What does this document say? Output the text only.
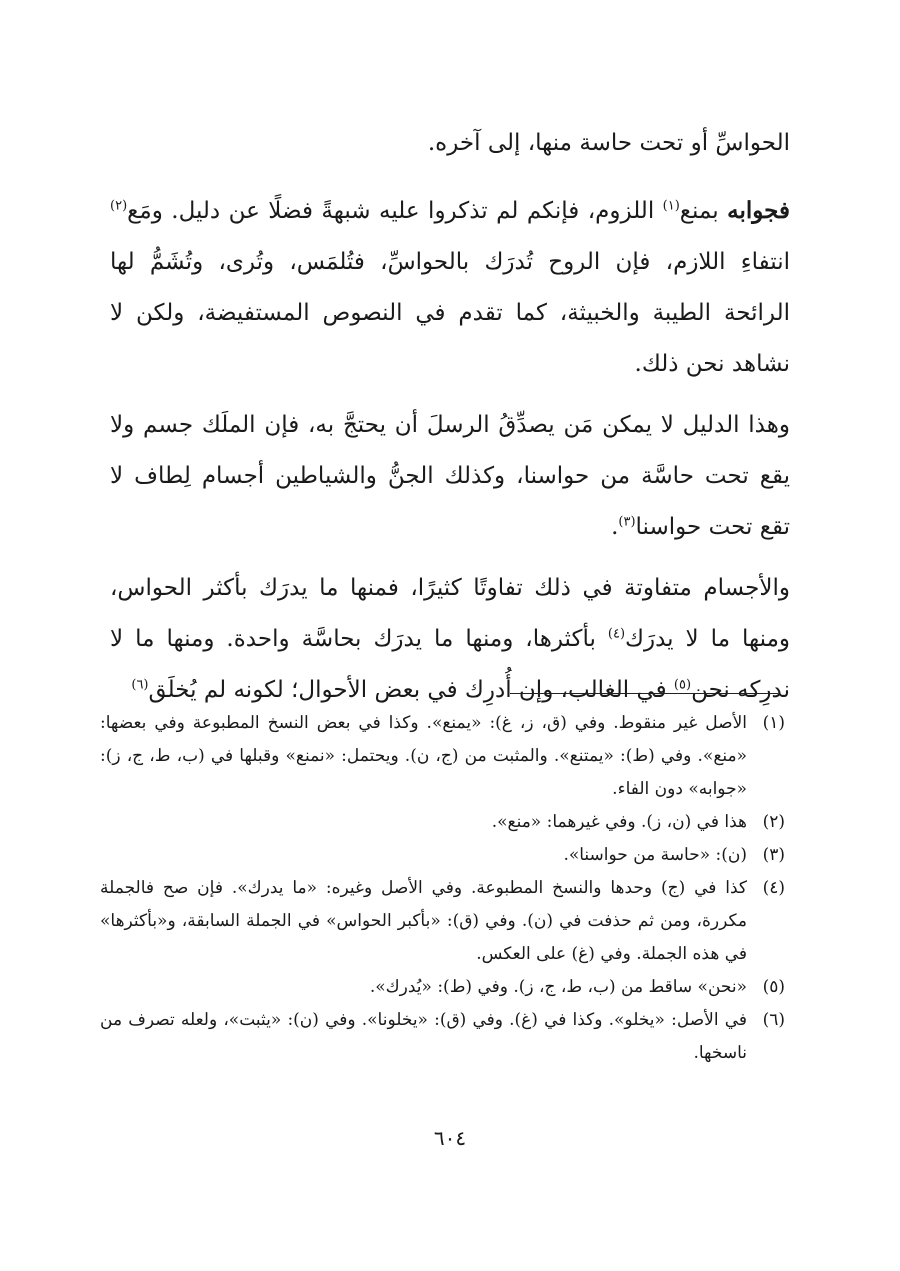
الحواسِّ أو تحت حاسة منها، إلى آخره.

فجوابه بمنع$^{(١)}$ اللزوم، فإنكم لم تذكروا عليه شبهةً فضلًا عن دليل. ومَع$^{(٢)}$ انتفاءِ اللازم، فإن الروح تُدرَك بالحواسِّ، فتُلمَس، وتُرى، وتُشَمُّ لها الرائحة الطيبة والخبيثة، كما تقدم في النصوص المستفيضة، ولكن لا نشاهد نحن ذلك.

وهذا الدليل لا يمكن مَن يصدِّقُ الرسلَ أن يحتجَّ به، فإن الملَك جسم ولا يقع تحت حاسَّة من حواسنا، وكذلك الجنُّ والشياطين أجسام لِطاف لا تقع تحت حواسنا$^{(٣)}$.

والأجسام متفاوتة في ذلك تفاوتًا كثيرًا، فمنها ما يدرَك بأكثر الحواس، ومنها ما لا يدرَك$^{(٤)}$ بأكثرها، ومنها ما يدرَك بحاسَّة واحدة. ومنها ما لا ندرِكه نحن$^{(٥)}$ في الغالب، وإن أُدرِك في بعض الأحوال؛ لكونه لم يُخلَق$^{(٦)}$

(١)
الأصل غير منقوط. وفي (ق، ز، غ): «يمنع». وكذا في بعض النسخ المطبوعة وفي بعضها: «منع». وفي (ط): «يمتنع». والمثبت من (ج، ن). ويحتمل: «نمنع» وقبلها في (ب، ط، ج، ز): «جوابه» دون الفاء.
(٢)
هذا في (ن، ز). وفي غيرهما: «منع».
(٣)
(ن): «حاسة من حواسنا».
(٤)
كذا في (ج) وحدها والنسخ المطبوعة. وفي الأصل وغيره: «ما يدرك». فإن صح فالجملة مكررة، ومن ثم حذفت في (ن). وفي (ق): «بأكبر الحواس» في الجملة السابقة، و«بأكثرها» في هذه الجملة. وفي (غ) على العكس.
(٥)
«نحن» ساقط من (ب، ط، ج، ز). وفي (ط): «يُدرك».
(٦)
في الأصل: «يخلو». وكذا في (غ). وفي (ق): «يخلونا». وفي (ن): «يثبت»، ولعله تصرف من ناسخها.
٦٠٤
